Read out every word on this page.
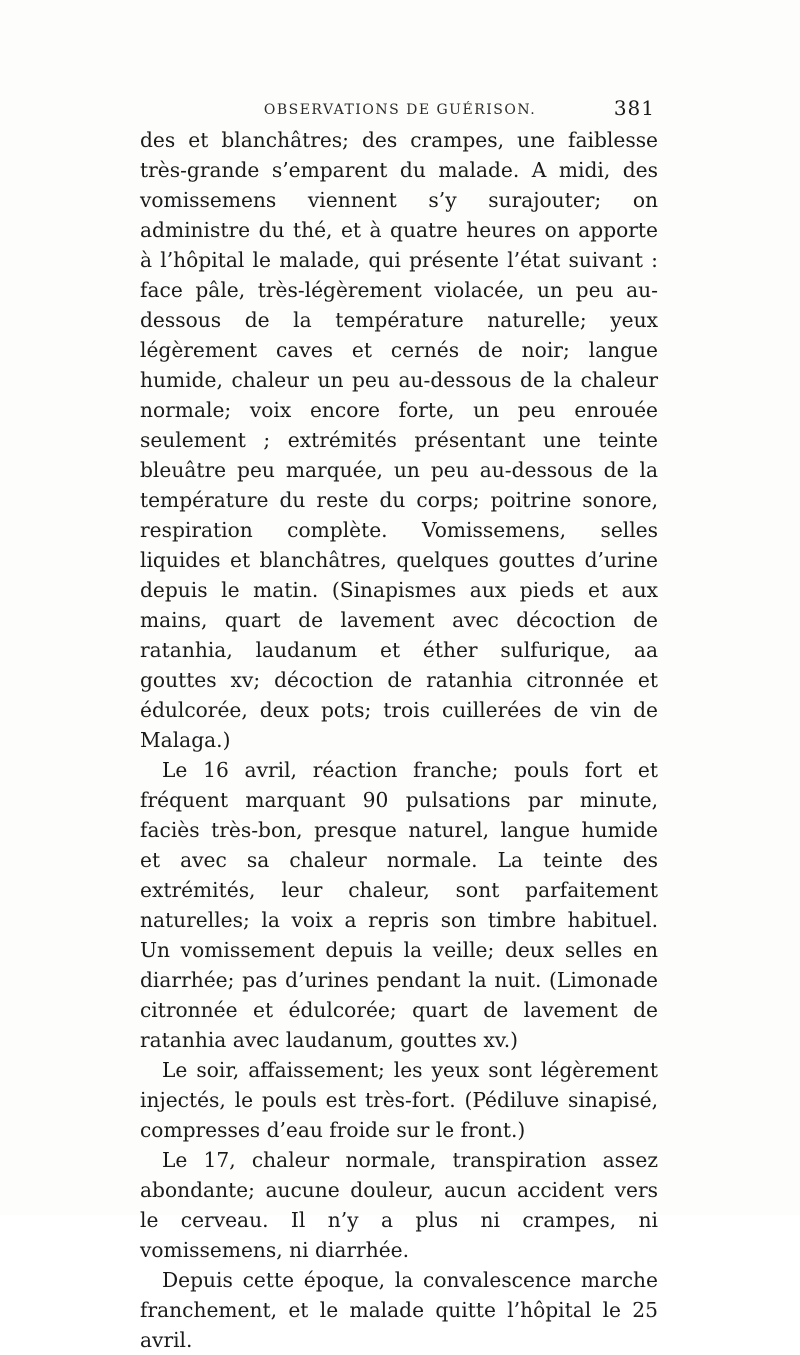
OBSERVATIONS DE GUÉRISON.	381

des et blanchâtres; des crampes, une faiblesse très-grande s’emparent du malade. A midi, des vomissemens viennent s’y surajouter; on administre du thé, et à quatre heures on apporte à l’hôpital le malade, qui présente l’état suivant : face pâle, très-légèrement violacée, un peu au-dessous de la température naturelle; yeux légèrement caves et cernés de noir; langue humide, chaleur un peu au-dessous de la chaleur normale; voix encore forte, un peu enrouée seulement ; extrémités présentant une teinte bleuâtre peu marquée, un peu au-dessous de la température du reste du corps; poitrine sonore, respiration complète. Vomissemens, selles liquides et blanchâtres, quelques gouttes d’urine depuis le matin. (Sinapismes aux pieds et aux mains, quart de lavement avec décoction de ratanhia, laudanum et éther sulfurique, aa gouttes xv; décoction de ratanhia citronnée et édulcorée, deux pots; trois cuillerées de vin de Malaga.)

Le 16 avril, réaction franche; pouls fort et fréquent marquant 90 pulsations par minute, faciès très-bon, presque naturel, langue humide et avec sa chaleur normale. La teinte des extrémités, leur chaleur, sont parfaitement naturelles; la voix a repris son timbre habituel. Un vomissement depuis la veille; deux selles en diarrhée; pas d’urines pendant la nuit. (Limonade citronnée et édulcorée; quart de lavement de ratanhia avec laudanum, gouttes xv.)

Le soir, affaissement; les yeux sont légèrement injectés, le pouls est très-fort. (Pédiluve sinapisé, compresses d’eau froide sur le front.)

Le 17, chaleur normale, transpiration assez abondante; aucune douleur, aucun accident vers le cerveau. Il n’y a plus ni crampes, ni vomissemens, ni diarrhée.

Depuis cette époque, la convalescence marche franchement, et le malade quitte l’hôpital le 25 avril.
